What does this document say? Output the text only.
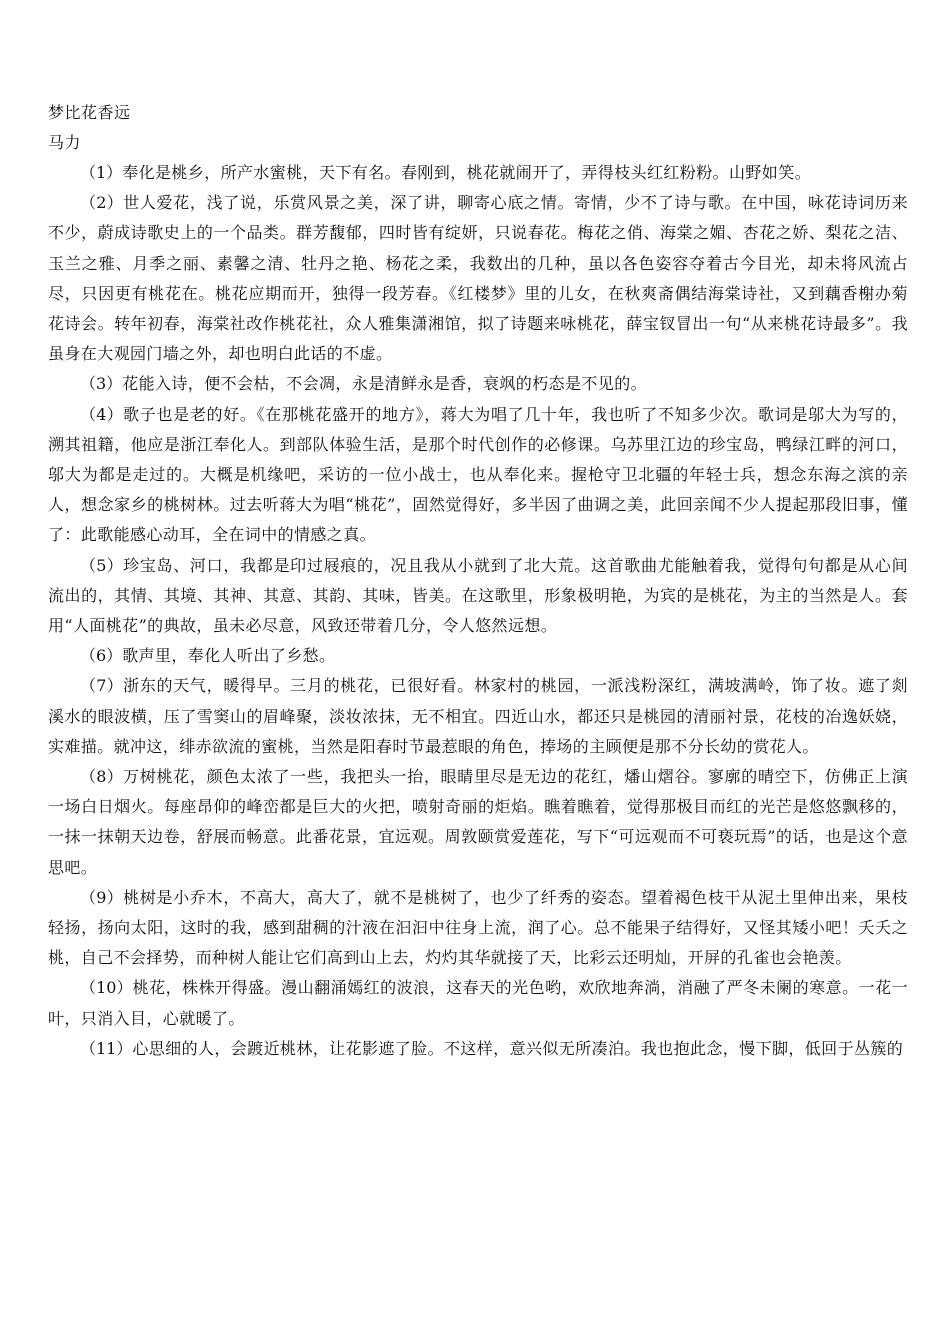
梦比花香远

马力

（1）奉化是桃乡，所产水蜜桃，天下有名。春刚到，桃花就闹开了，弄得枝头红红粉粉。山野如笑。

（2）世人爱花，浅了说，乐赏风景之美，深了讲，聊寄心底之情。寄情，少不了诗与歌。在中国，咏花诗词历来不少，蔚成诗歌史上的一个品类。群芳馥郁，四时皆有绽妍，只说春花。梅花之俏、海棠之媚、杏花之娇、梨花之洁、玉兰之雅、月季之丽、素馨之清、牡丹之艳、杨花之柔，我数出的几种，虽以各色姿容夺着古今目光，却未将风流占尽，只因更有桃花在。桃花应期而开，独得一段芳春。《红楼梦》里的儿女，在秋爽斋偶结海棠诗社，又到藕香榭办菊花诗会。转年初春，海棠社改作桃花社，众人雅集潇湘馆，拟了诗题来咏桃花，薛宝钗冒出一句“从来桃花诗最多”。我虽身在大观园门墙之外，却也明白此话的不虚。

（3）花能入诗，便不会枯，不会凋，永是清鲜永是香，衰飒的朽态是不见的。

（4）歌子也是老的好。《在那桃花盛开的地方》，蒋大为唱了几十年，我也听了不知多少次。歌词是邬大为写的，溯其祖籍，他应是浙江奉化人。到部队体验生活，是那个时代创作的必修课。乌苏里江边的珍宝岛，鸭绿江畔的河口，邬大为都是走过的。大概是机缘吧，采访的一位小战士，也从奉化来。握枪守卫北疆的年轻士兵，想念东海之滨的亲人，想念家乡的桃树林。过去听蒋大为唱“桃花”，固然觉得好，多半因了曲调之美，此回亲闻不少人提起那段旧事，懂了：此歌能感心动耳，全在词中的情感之真。

（5）珍宝岛、河口，我都是印过屐痕的，况且我从小就到了北大荒。这首歌曲尤能触着我，觉得句句都是从心间流出的，其情、其境、其神、其意、其韵、其味，皆美。在这歌里，形象极明艳，为宾的是桃花，为主的当然是人。套用“人面桃花”的典故，虽未必尽意，风致还带着几分，令人悠然远想。

（6）歌声里，奉化人听出了乡愁。

（7）浙东的天气，暖得早。三月的桃花，已很好看。林家村的桃园，一派浅粉深红，满坡满岭，饰了妆。遮了剡溪水的眼波横，压了雪窦山的眉峰聚，淡妆浓抹，无不相宜。四近山水，都还只是桃园的清丽衬景，花枝的冶逸妖娆，实难描。就冲这，绯赤欲流的蜜桃，当然是阳春时节最惹眼的角色，捧场的主顾便是那不分长幼的赏花人。

（8）万树桃花，颜色太浓了一些，我把头一抬，眼睛里尽是无边的花红，燔山熠谷。寥廓的晴空下，仿佛正上演一场白日烟火。每座昂仰的峰峦都是巨大的火把，喷射奇丽的炬焰。瞧着瞧着，觉得那极目而红的光芒是悠悠飘移的，一抹一抹朝天边卷，舒展而畅意。此番花景，宜远观。周敦颐赏爱莲花，写下“可远观而不可亵玩焉”的话，也是这个意思吧。

（9）桃树是小乔木，不高大，高大了，就不是桃树了，也少了纤秀的姿态。望着褐色枝干从泥土里伸出来，果枝轻扬，扬向太阳，这时的我，感到甜稠的汁液在汩汩中往身上流，润了心。总不能果子结得好，又怪其矮小吧！夭夭之桃，自己不会择势，而种树人能让它们高到山上去，灼灼其华就接了天，比彩云还明灿，开屏的孔雀也会艳羡。

（10）桃花，株株开得盛。漫山翻涌嫣红的波浪，这春天的光色哟，欢欣地奔淌，消融了严冬未阑的寒意。一花一叶，只消入目，心就暖了。

（11）心思细的人，会踱近桃林，让花影遮了脸。不这样，意兴似无所凑泊。我也抱此念，慢下脚，低回于丛簇的
